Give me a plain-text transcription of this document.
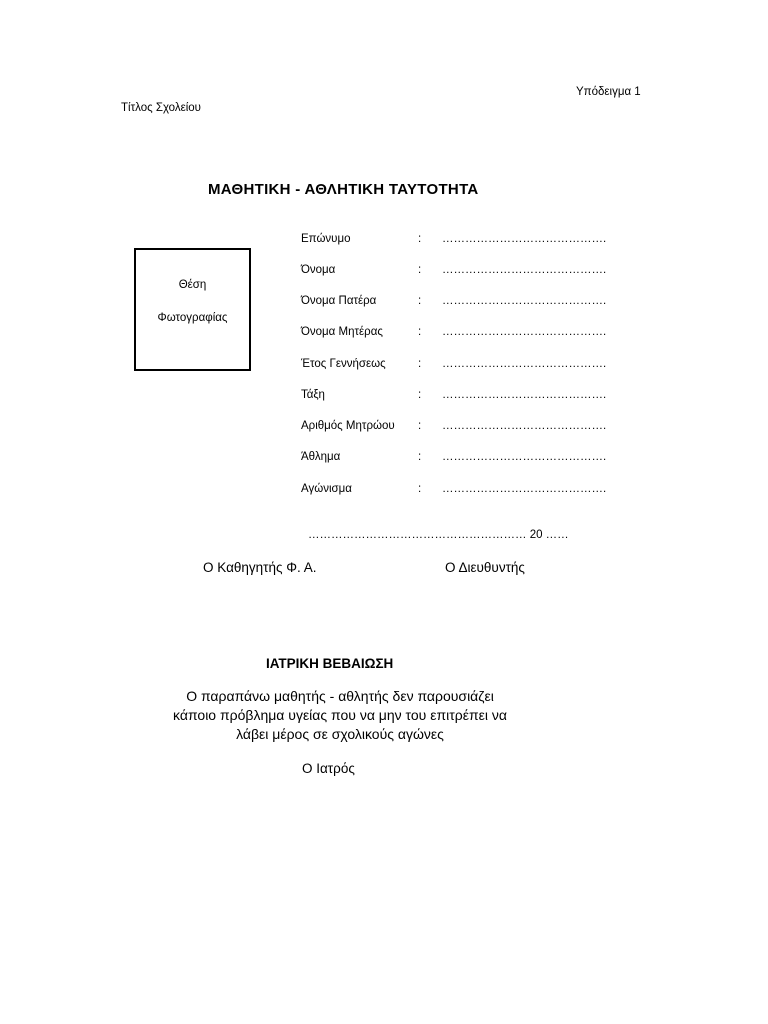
Υπόδειγμα 1
Τίτλος Σχολείου
ΜΑΘΗΤΙΚΗ - ΑΘΛΗΤΙΚΗ ΤΑΥΤΟΤΗΤΑ
Θέση
Φωτογραφίας
Επώνυμο	: …………………………………….
Όνομα	: …………………………………….
Όνομα Πατέρα	: …………………………………….
Όνομα Μητέρας	: …………………………………….
Έτος Γεννήσεως	: …………………………………….
Τάξη	: …………………………………….
Αριθμός Μητρώου : …………………………………….
Άθλημα	: …………………………………….
Αγώνισμα	: …………………………………….
………………………………………………… 20 ……
Ο Καθηγητής Φ. Α.	Ο Διευθυντής
ΙΑΤΡΙΚΗ ΒΕΒΑΙΩΣΗ
Ο παραπάνω μαθητής - αθλητής δεν παρουσιάζει
κάποιο πρόβλημα υγείας που να μην του επιτρέπει να
λάβει μέρος σε σχολικούς αγώνες
Ο Ιατρός
